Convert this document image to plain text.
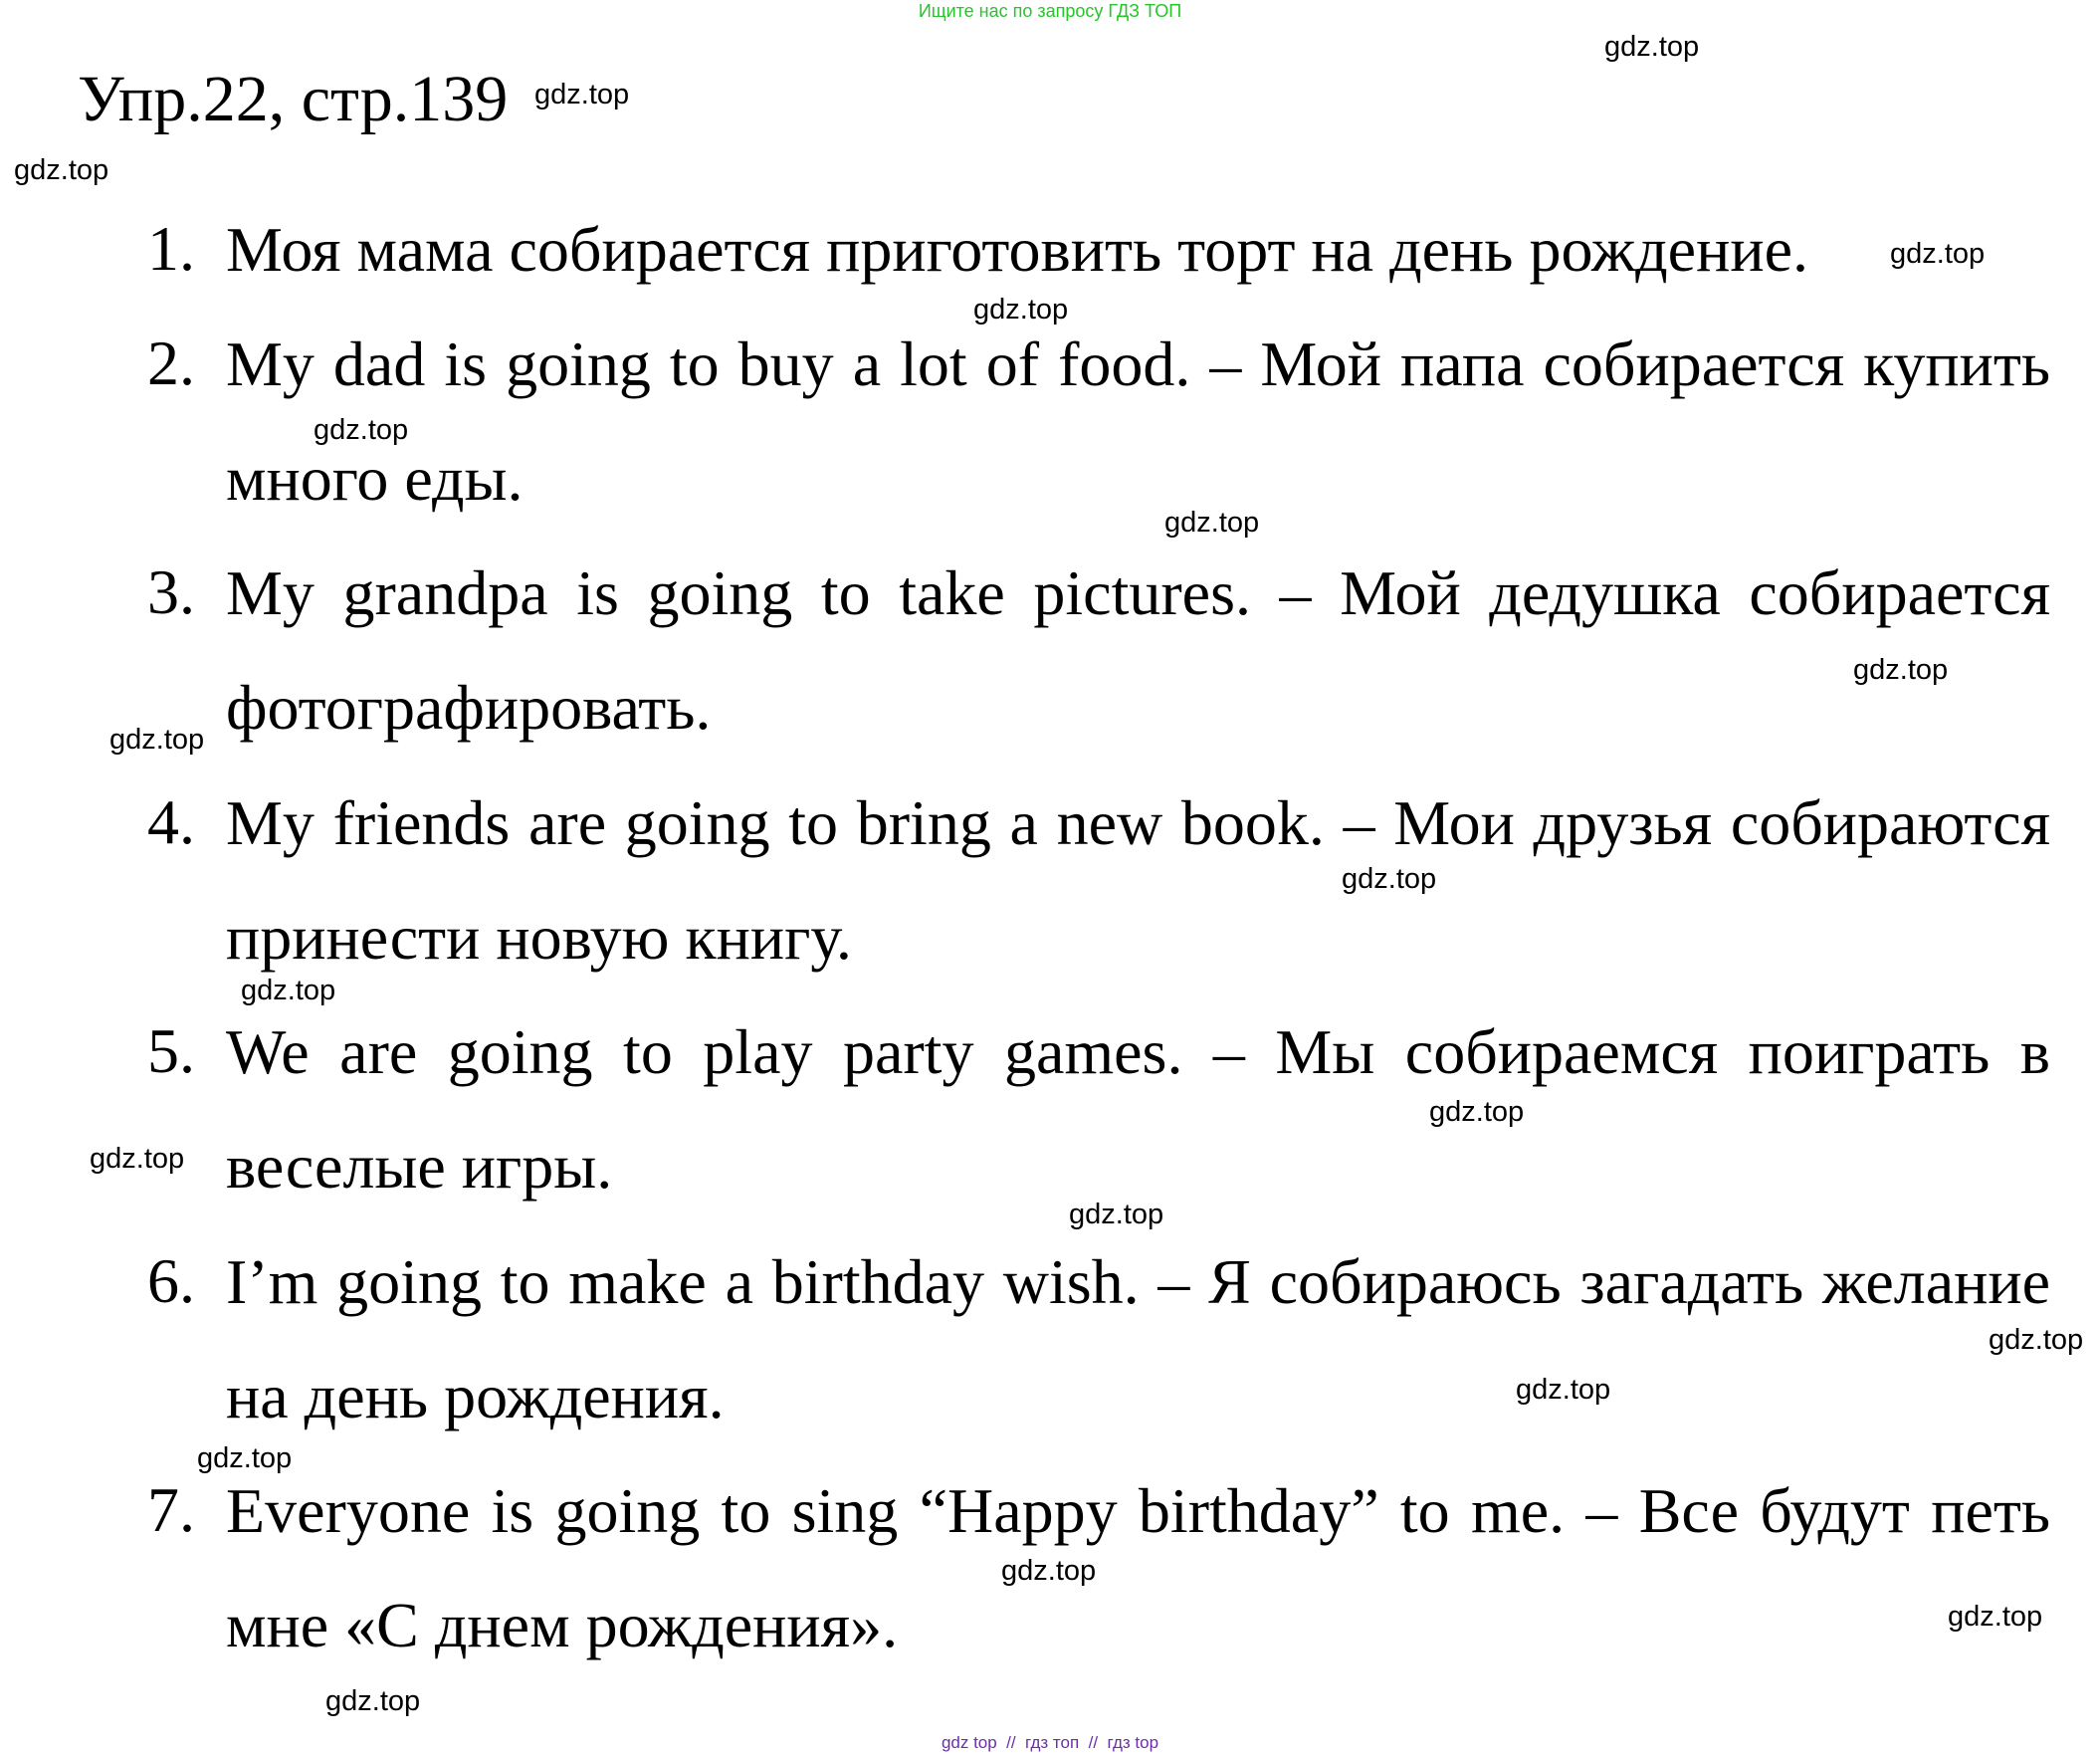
Ищите нас по запросу ГДЗ ТОП
Упр.22, стр.139
1. Моя мама собирается приготовить торт на день рождение.
2. My dad is going to buy a lot of food. – Мой папа собирается купить много еды.
3. My grandpa is going to take pictures. – Мой дедушка собирается фотографировать.
4. My friends are going to bring a new book. – Мои друзья собираются принести новую книгу.
5. We are going to play party games. – Мы собираемся поиграть в веселые игры.
6. I’m going to make a birthday wish. – Я собираюсь загадать желание на день рождения.
7. Everyone is going to sing “Happy birthday” to me. – Все будут петь мне «С днем рождения».
gdz.top
gdz.top
gdz.top
gdz.top
gdz.top
gdz.top
gdz.top
gdz.top
gdz.top
gdz.top
gdz.top
gdz.top
gdz.top
gdz.top
gdz.top
gdz.top
gdz.top
gdz.top
gdz.top
gdz.top
gdz top  //  гдз топ  //  гдз top
